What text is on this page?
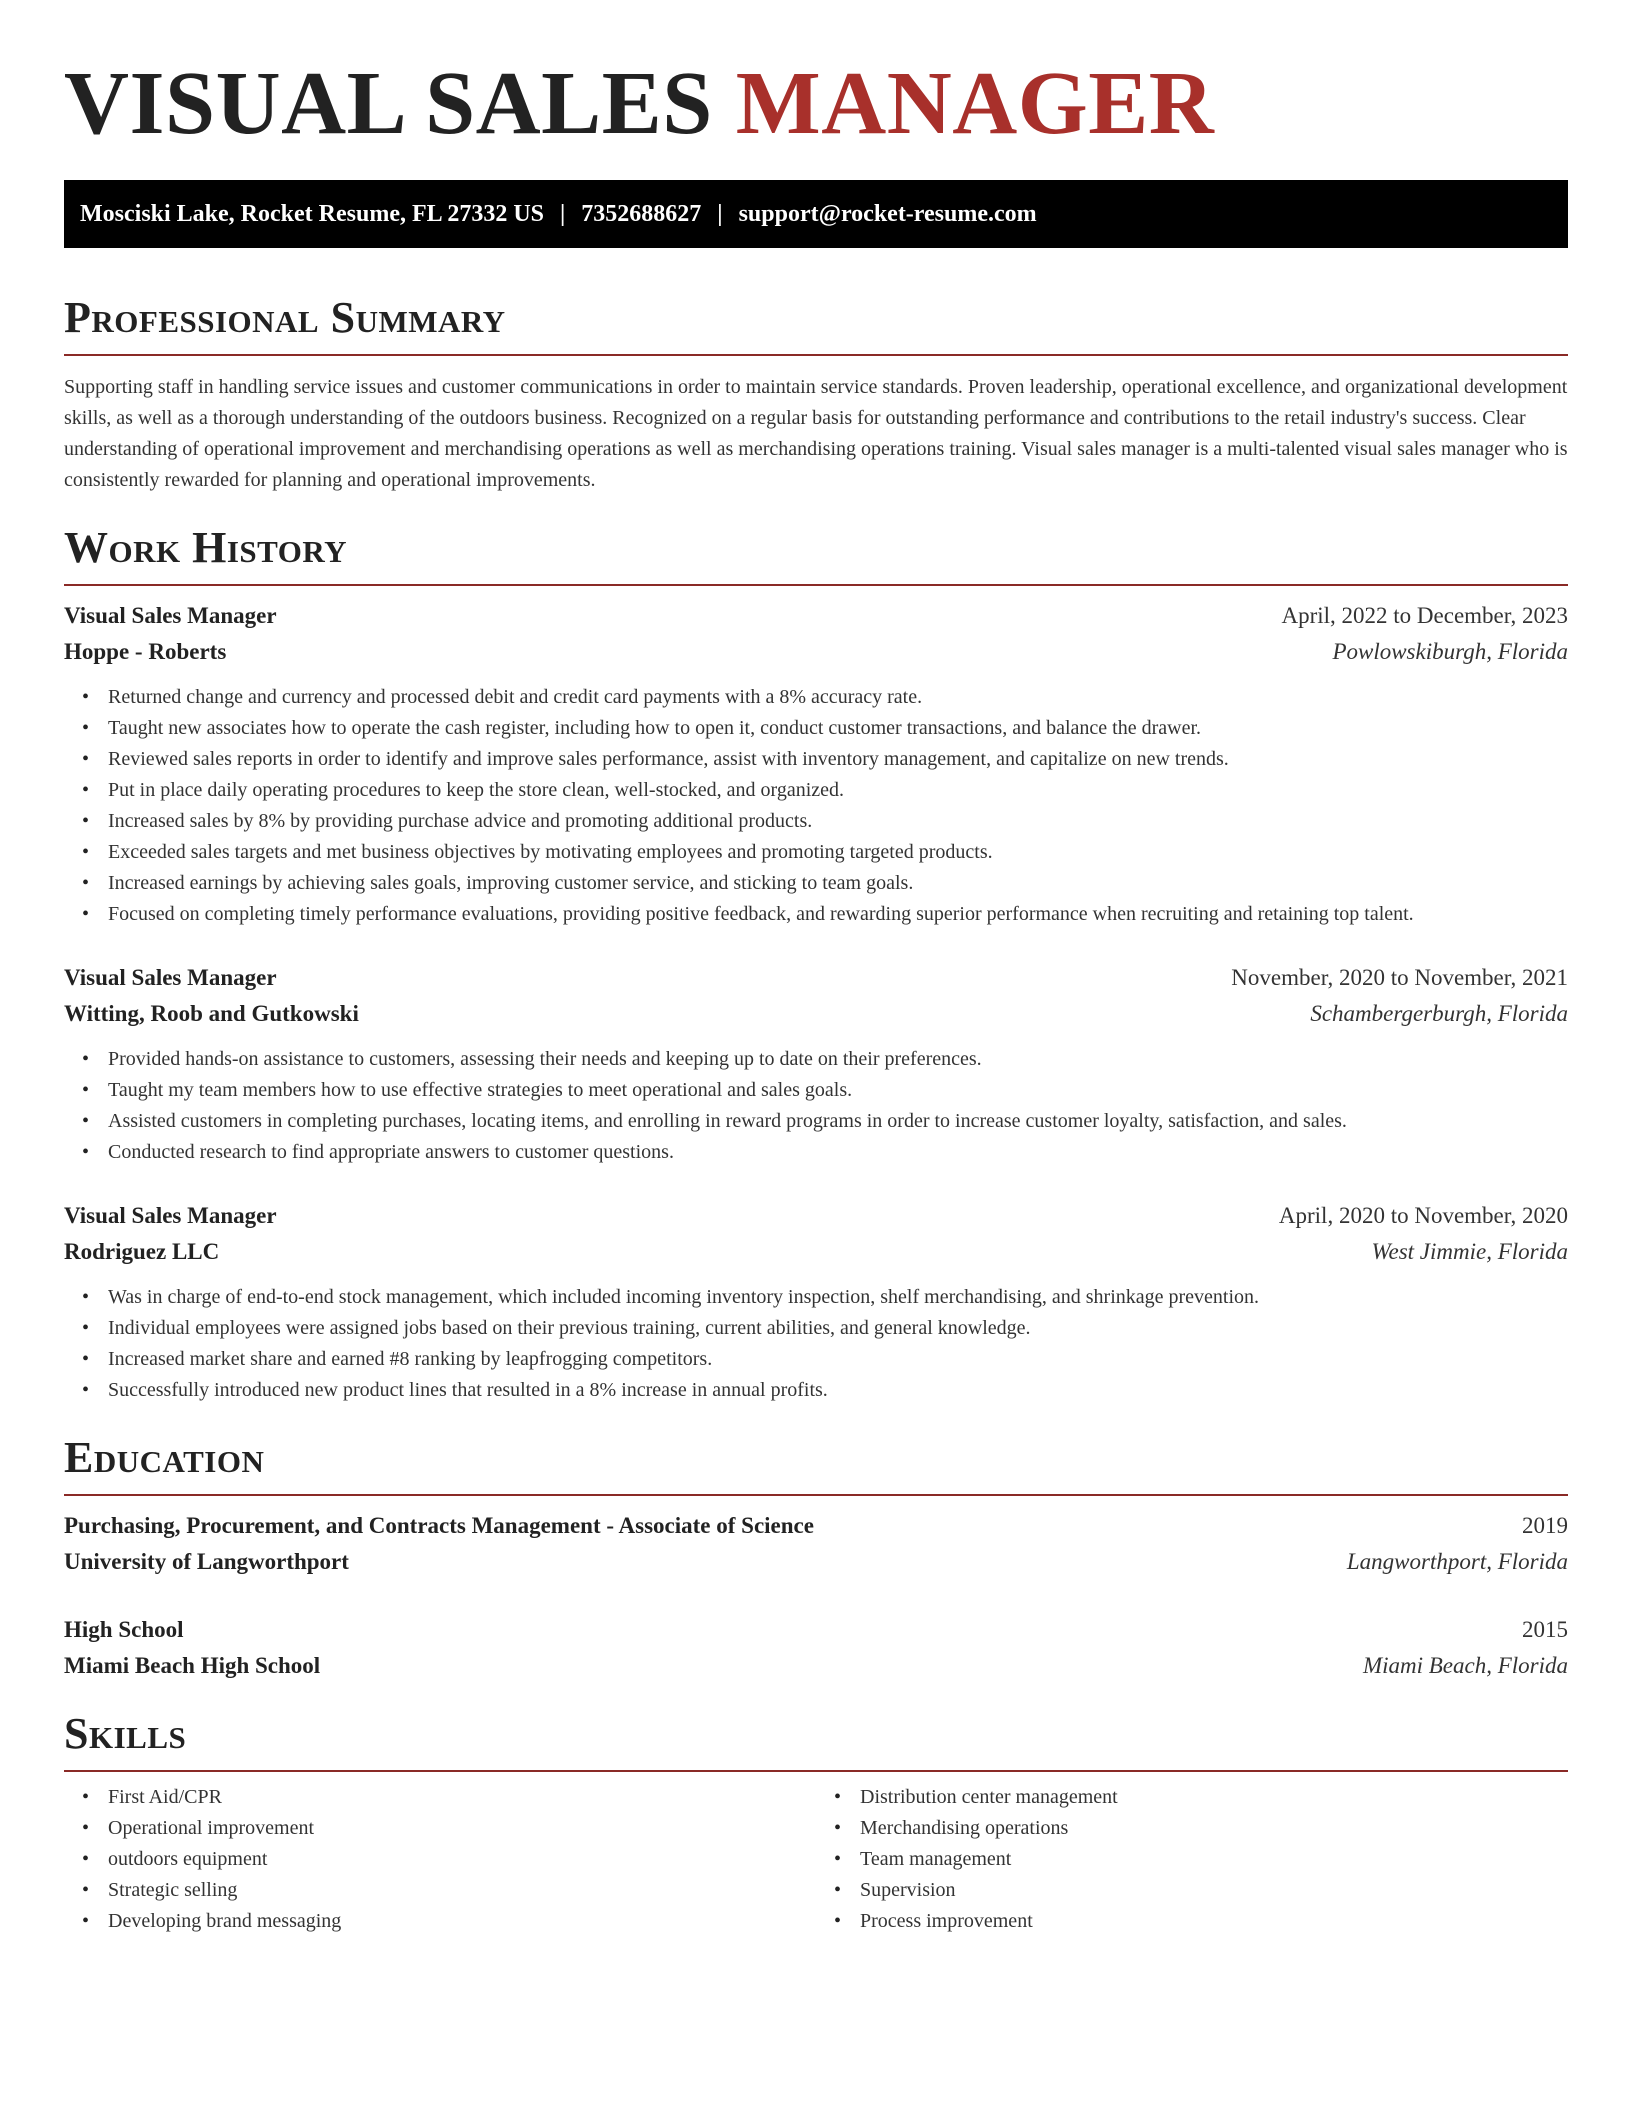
VISUAL SALES MANAGER
Mosciski Lake, Rocket Resume, FL 27332 US | 7352688627 | support@rocket-resume.com
Professional Summary

Supporting staff in handling service issues and customer communications in order to maintain service standards. Proven leadership, operational excellence, and organizational development skills, as well as a thorough understanding of the outdoors business. Recognized on a regular basis for outstanding performance and contributions to the retail industry's success. Clear understanding of operational improvement and merchandising operations as well as merchandising operations training. Visual sales manager is a multi-talented visual sales manager who is consistently rewarded for planning and operational improvements.

Work History
Visual Sales Manager	April, 2022 to December, 2023
Hoppe - Roberts	Powlowskiburgh, Florida
• Returned change and currency and processed debit and credit card payments with a 8% accuracy rate.
• Taught new associates how to operate the cash register, including how to open it, conduct customer transactions, and balance the drawer.
• Reviewed sales reports in order to identify and improve sales performance, assist with inventory management, and capitalize on new trends.
• Put in place daily operating procedures to keep the store clean, well-stocked, and organized.
• Increased sales by 8% by providing purchase advice and promoting additional products.
• Exceeded sales targets and met business objectives by motivating employees and promoting targeted products.
• Increased earnings by achieving sales goals, improving customer service, and sticking to team goals.
• Focused on completing timely performance evaluations, providing positive feedback, and rewarding superior performance when recruiting and retaining top talent.
Visual Sales Manager	November, 2020 to November, 2021
Witting, Roob and Gutkowski	Schambergerburgh, Florida
• Provided hands-on assistance to customers, assessing their needs and keeping up to date on their preferences.
• Taught my team members how to use effective strategies to meet operational and sales goals.
• Assisted customers in completing purchases, locating items, and enrolling in reward programs in order to increase customer loyalty, satisfaction, and sales.
• Conducted research to find appropriate answers to customer questions.
Visual Sales Manager	April, 2020 to November, 2020
Rodriguez LLC	West Jimmie, Florida
• Was in charge of end-to-end stock management, which included incoming inventory inspection, shelf merchandising, and shrinkage prevention.
• Individual employees were assigned jobs based on their previous training, current abilities, and general knowledge.
• Increased market share and earned #8 ranking by leapfrogging competitors.
• Successfully introduced new product lines that resulted in a 8% increase in annual profits.
Education
Purchasing, Procurement, and Contracts Management - Associate of Science	2019
University of Langworthport	Langworthport, Florida
High School	2015
Miami Beach High School	Miami Beach, Florida
Skills
• First Aid/CPR
• Operational improvement
• outdoors equipment
• Strategic selling
• Developing brand messaging
• Distribution center management
• Merchandising operations
• Team management
• Supervision
• Process improvement
